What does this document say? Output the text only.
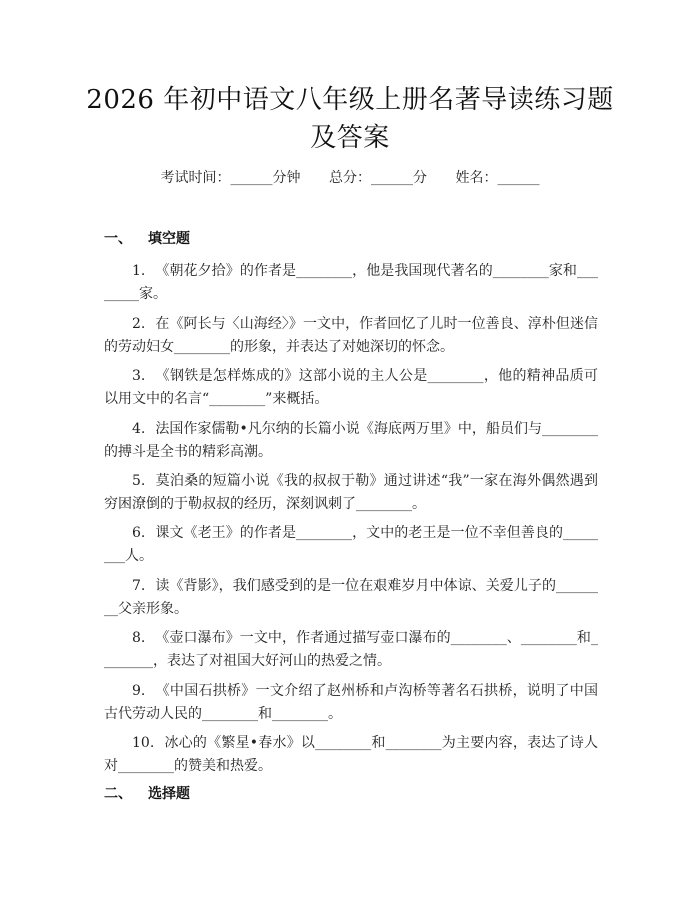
2026 年初中语文八年级上册名著导读练习题
及答案
考试时间：______分钟 总分：______分 姓名：______
一、 填空题
1. 《朝花夕拾》的作者是________，他是我国现代著名的________家和________家。
2. 在《阿长与〈山海经〉》一文中，作者回忆了儿时一位善良、淳朴但迷信的劳动妇女________的形象，并表达了对她深切的怀念。
3. 《钢铁是怎样炼成的》这部小说的主人公是________，他的精神品质可以用文中的名言“________”来概括。
4. 法国作家儒勒•凡尔纳的长篇小说《海底两万里》中，船员们与________的搏斗是全书的精彩高潮。
5. 莫泊桑的短篇小说《我的叔叔于勒》通过讲述“我”一家在海外偶然遇到穷困潦倒的于勒叔叔的经历，深刻讽刺了________。
6. 课文《老王》的作者是________，文中的老王是一位不幸但善良的________人。
7. 读《背影》，我们感受到的是一位在艰难岁月中体谅、关爱儿子的________父亲形象。
8. 《壶口瀑布》一文中，作者通过描写壶口瀑布的________、________和________，表达了对祖国大好河山的热爱之情。
9. 《中国石拱桥》一文介绍了赵州桥和卢沟桥等著名石拱桥，说明了中国古代劳动人民的________和________。
10. 冰心的《繁星•春水》以________和________为主要内容，表达了诗人对________的赞美和热爱。
二、 选择题
